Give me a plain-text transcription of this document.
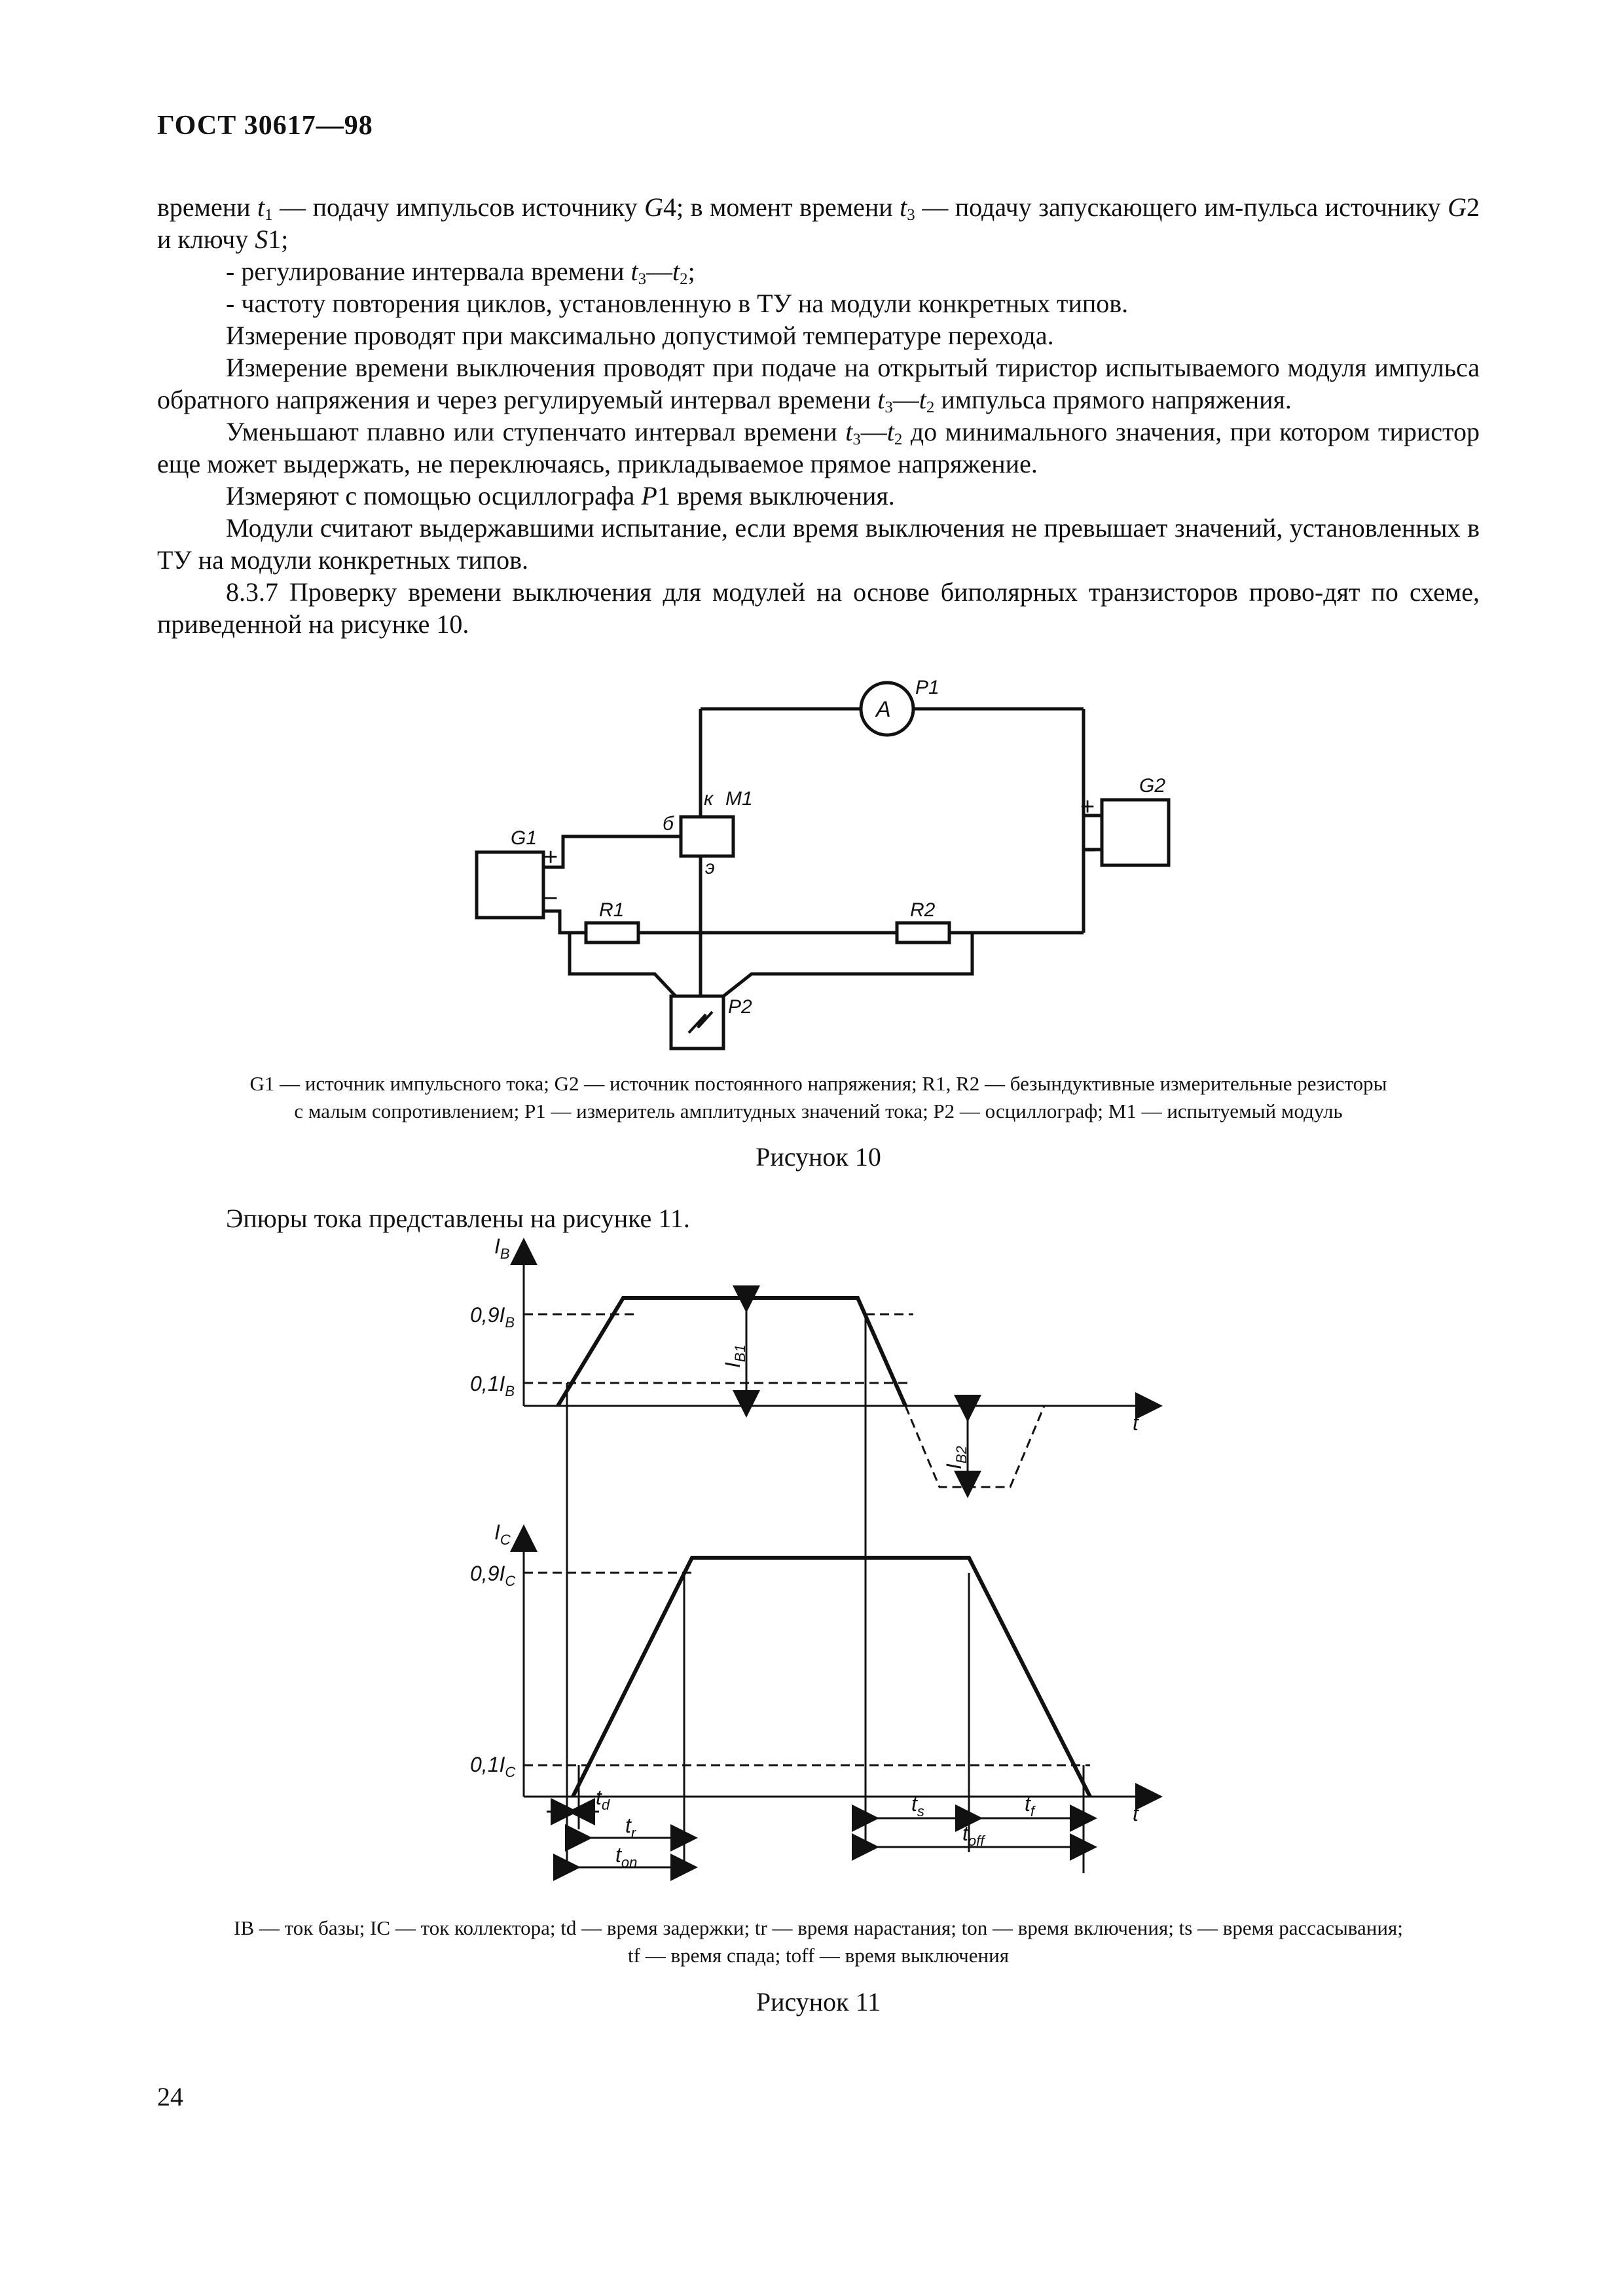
ГОСТ 30617—98

времени $t_1$ — подачу импульсов источнику G4; в момент времени $t_3$ — подачу запускающего им-пульса источнику G2 и ключу S1;

- регулирование интервала времени $t_3—t_2$;

- частоту повторения циклов, установленную в ТУ на модули конкретных типов.

Измерение проводят при максимально допустимой температуре перехода.

Измерение времени выключения проводят при подаче на открытый тиристор испытываемого модуля импульса обратного напряжения и через регулируемый интервал времени $t_3—t_2$ импульса прямого напряжения.

Уменьшают плавно или ступенчато интервал времени $t_3—t_2$ до минимального значения, при котором тиристор еще может выдержать, не переключаясь, прикладываемое прямое напряжение.

Измеряют с помощью осциллографа P1 время выключения.

Модули считают выдержавшими испытание, если время выключения не превышает значений, установленных в ТУ на модули конкретных типов.

8.3.7 Проверку времени выключения для модулей на основе биполярных транзисторов прово-дят по схеме, приведенной на рисунке 10.

A
P1
G2
G1
М1
к
б
э
R1	R2
P2
+
−
+
−
G1 — источник импульсного тока; G2 — источник постоянного напряжения; R1, R2 — безындуктивные измерительные резисторы
с малым сопротивлением; P1 — измеритель амплитудных значений тока; P2 — осциллограф; M1 — испытуемый модуль
Рисунок 10
Эпюры тока представлены на рисунке 11.
$I_B$
$0,9I_B$
$0,1I_B$
t
$I_C$
$0,9I_C$
$0,1I_C$
t
$I_{B1}$
$I_{B2}$
$t_d$
$t_r$
$t_{on}$
$t_s$	$t_f$
$t_{off}$
IB — ток базы; IC — ток коллектора; td — время задержки; tr — время нарастания; ton — время включения; ts — время рассасывания;
tf — время спада; toff — время выключения
Рисунок 11
24
